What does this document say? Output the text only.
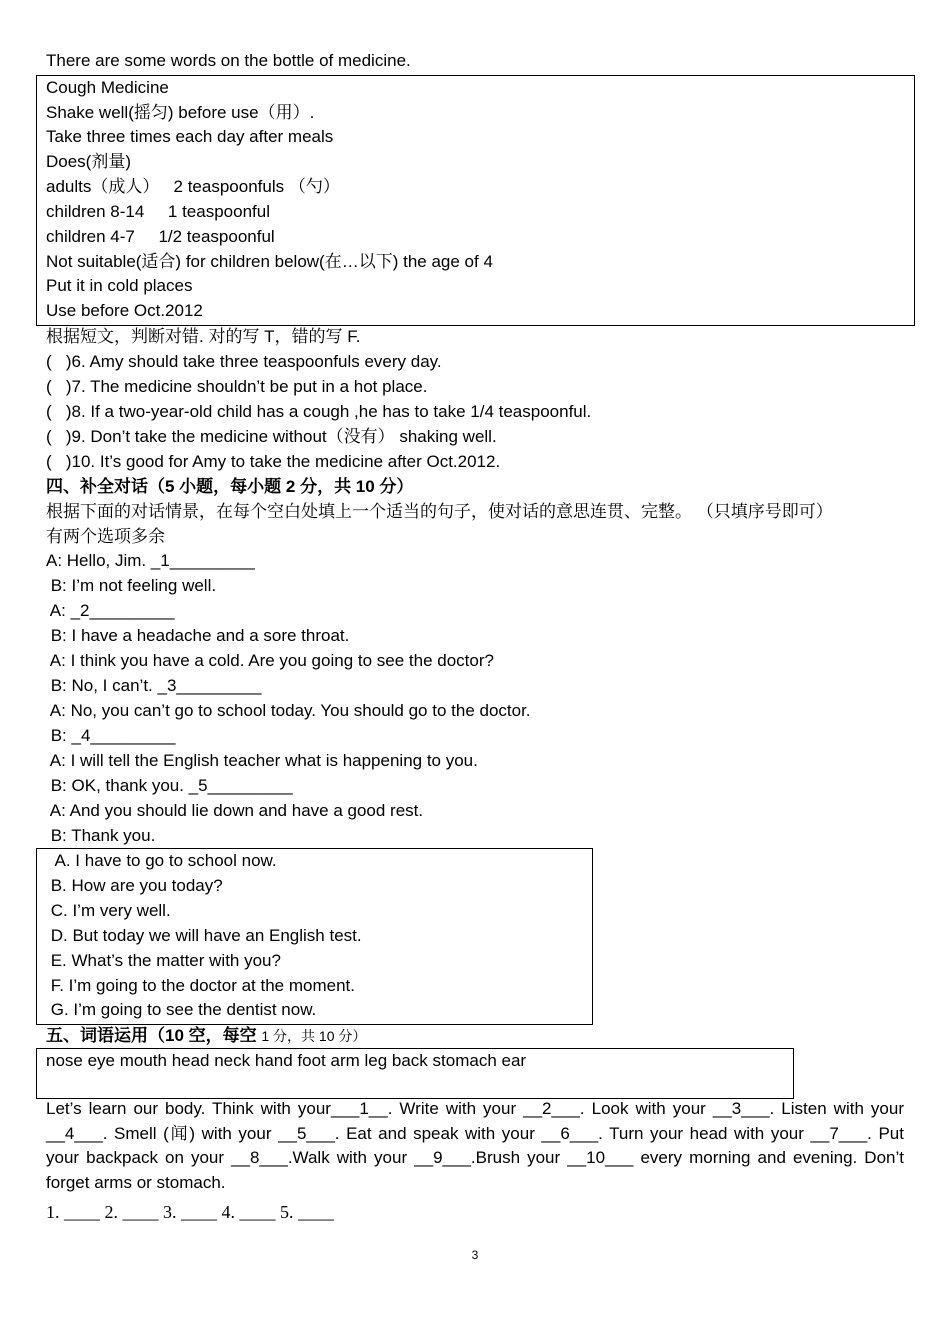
There are some words on the bottle of medicine.
Cough Medicine
Shake well(摇匀) before use（用）.
Take three times each day after meals
Does(剂量)
adults（成人）   2 teaspoonfuls （勺）
children 8-14     1 teaspoonful
children 4-7     1/2 teaspoonful
Not suitable(适合) for children below(在…以下) the age of 4
Put it in cold places
Use before Oct.2012
根据短文，判断对错. 对的写 T，错的写 F.
(   )6. Amy should take three teaspoonfuls every day.
(   )7. The medicine shouldn’t be put in a hot place.
(   )8. If a two-year-old child has a cough ,he has to take 1/4 teaspoonful.
(   )9. Don’t take the medicine without（没有） shaking well.
(   )10. It’s good for Amy to take the medicine after Oct.2012.
四、补全对话（5 小题，每小题 2 分，共 10 分）
根据下面的对话情景，在每个空白处填上一个适当的句子，使对话的意思连贯、完整。 （只填序号即可）
有两个选项多余
A: Hello, Jim. _1_________
B: I’m not feeling well.
A: _2_________
B: I have a headache and a sore throat.
A: I think you have a cold. Are you going to see the doctor?
B: No, I can’t. _3_________
A: No, you can’t go to school today. You should go to the doctor.
B: _4_________
A: I will tell the English teacher what is happening to you.
B: OK, thank you. _5_________
A: And you should lie down and have a good rest.
B: Thank you.
A. I have to go to school now.
B. How are you today?
C. I’m very well.
D. But today we will have an English test.
E. What’s the matter with you?
F. I’m going to the doctor at the moment.
G. I’m going to see the dentist now.
五、词语运用（10 空，每空 1 分，共 10 分）
nose eye mouth head neck hand foot arm leg back stomach ear
Let’s learn our body. Think with your___1__. Write with your __2___. Look with your __3___. Listen with your __4___. Smell (闻) with your __5___. Eat and speak with your __6___. Turn your head with your __7___. Put your backpack on your __8___.Walk with your __9___.Brush your __10___ every morning and evening. Don’t forget arms or stomach.
1. ____ 2. ____ 3. ____ 4. ____ 5. ____
3
